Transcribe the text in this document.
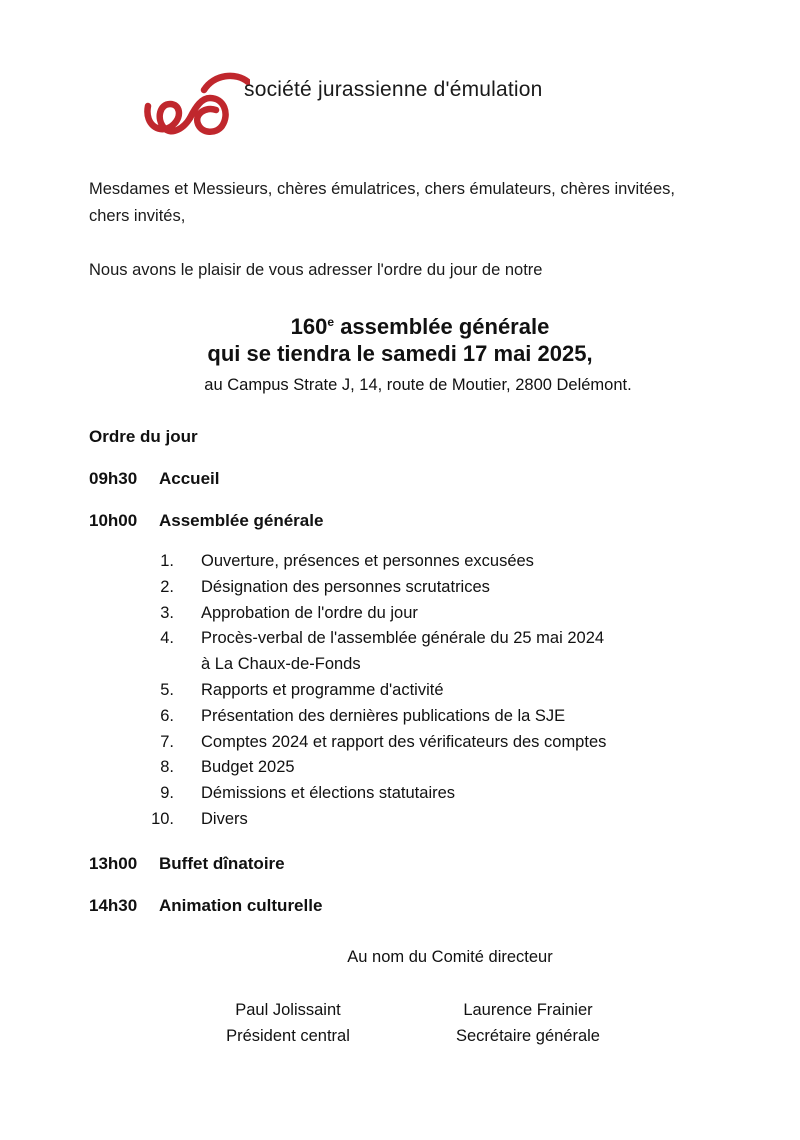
société jurassienne d'émulation
Mesdames et Messieurs, chères émulatrices, chers émulateurs, chères invitées, chers invités,
Nous avons le plaisir de vous adresser l'ordre du jour de notre
160e assemblée générale
qui se tiendra le samedi 17 mai 2025,
au Campus Strate J, 14, route de Moutier, 2800 Delémont.
Ordre du jour
09h30 Accueil
10h00 Assemblée générale
1. Ouverture, présences et personnes excusées
2. Désignation des personnes scrutatrices
3. Approbation de l'ordre du jour
4. Procès-verbal de l'assemblée générale du 25 mai 2024
à La Chaux-de-Fonds
5. Rapports et programme d'activité
6. Présentation des dernières publications de la SJE
7. Comptes 2024 et rapport des vérificateurs des comptes
8. Budget 2025
9. Démissions et élections statutaires
10. Divers
13h00 Buffet dînatoire
14h30 Animation culturelle
Au nom du Comité directeur
Paul Jolissaint
Président central
Laurence Frainier
Secrétaire générale
